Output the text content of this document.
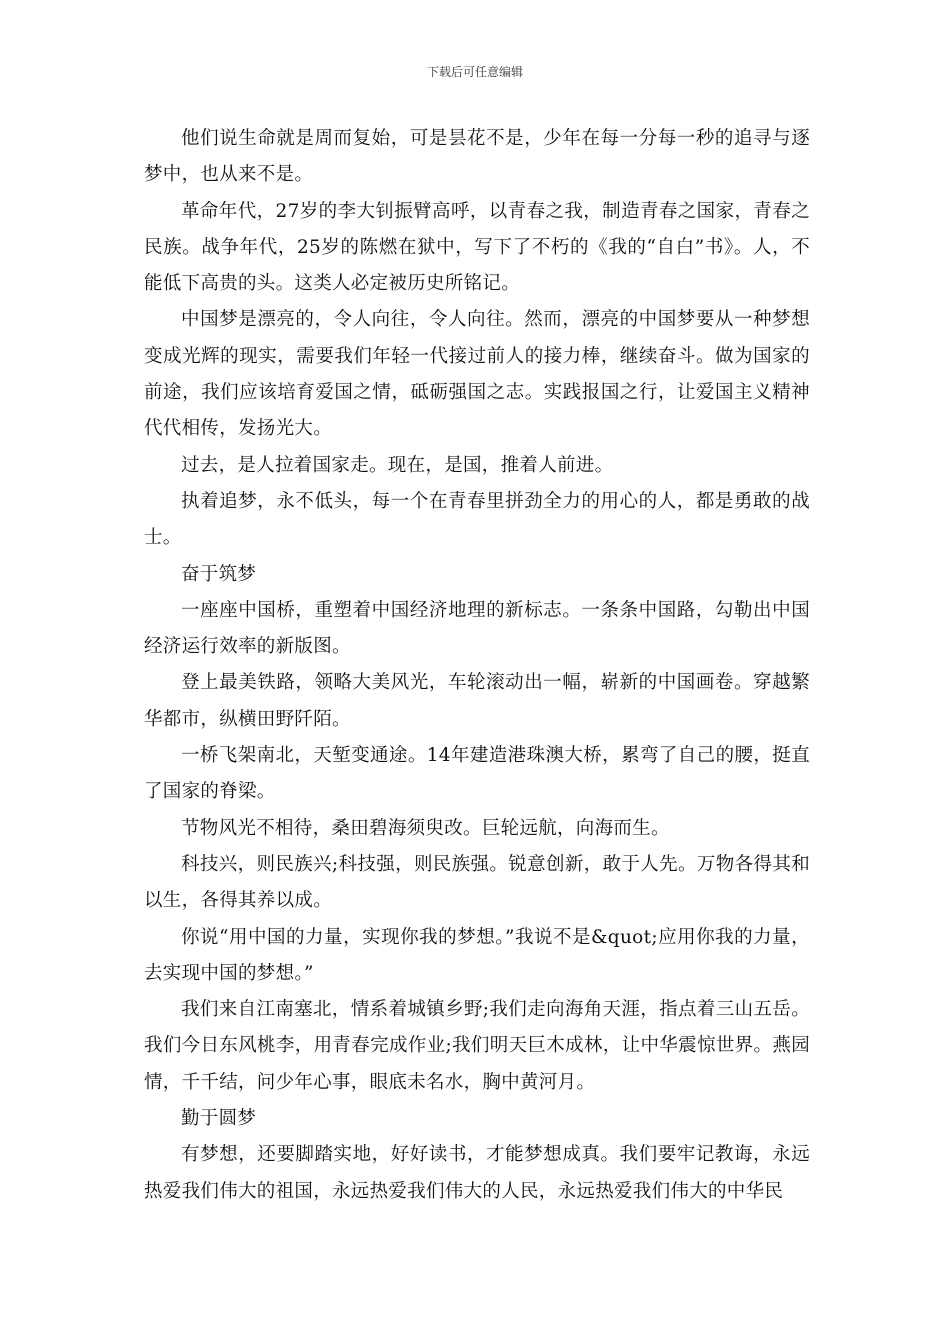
下载后可任意编辑

他们说生命就是周而复始，可是昙花不是，少年在每一分每一秒的追寻与逐梦中，也从来不是。

革命年代，27岁的李大钊振臂高呼，以青春之我，制造青春之国家，青春之民族。战争年代，25岁的陈燃在狱中，写下了不朽的《我的“自白”书》。人，不能低下高贵的头。这类人必定被历史所铭记。

中国梦是漂亮的，令人向往，令人向往。然而，漂亮的中国梦要从一种梦想变成光辉的现实，需要我们年轻一代接过前人的接力棒，继续奋斗。做为国家的前途，我们应该培育爱国之情，砥砺强国之志。实践报国之行，让爱国主义精神代代相传，发扬光大。

过去，是人拉着国家走。现在，是国，推着人前进。

执着追梦，永不低头，每一个在青春里拼劲全力的用心的人，都是勇敢的战士。

奋于筑梦

一座座中国桥，重塑着中国经济地理的新标志。一条条中国路，勾勒出中国经济运行效率的新版图。

登上最美铁路，领略大美风光，车轮滚动出一幅，崭新的中国画卷。穿越繁华都市，纵横田野阡陌。

一桥飞架南北，天堑变通途。14年建造港珠澳大桥，累弯了自己的腰，挺直了国家的脊梁。

节物风光不相待，桑田碧海须臾改。巨轮远航，向海而生。

科技兴，则民族兴;科技强，则民族强。锐意创新，敢于人先。万物各得其和以生，各得其养以成。

你说“用中国的力量，实现你我的梦想。”我说不是&quot;应用你我的力量，去实现中国的梦想。”

我们来自江南塞北，情系着城镇乡野;我们走向海角天涯，指点着三山五岳。我们今日东风桃李，用青春完成作业;我们明天巨木成林，让中华震惊世界。燕园情，千千结，问少年心事，眼底未名水，胸中黄河月。

勤于圆梦

有梦想，还要脚踏实地，好好读书，才能梦想成真。我们要牢记教诲，永远热爱我们伟大的祖国，永远热爱我们伟大的人民，永远热爱我们伟大的中华民
